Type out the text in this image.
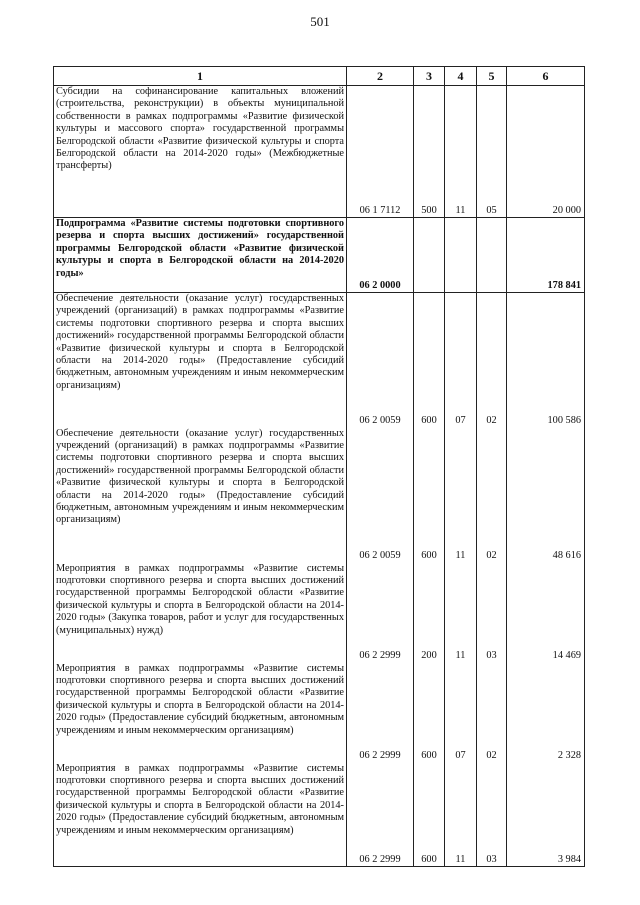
501
1	2	3	4	5	6
Субсидии на софинансирование капитальных вложений (строительства, реконструкции) в объекты муниципальной собственности в рамках подпрограммы «Развитие физической культуры и массового спорта» государственной программы Белгородской области «Развитие физической культуры и спорта Белгородской области на 2014-2020 годы» (Межбюджетные трансферты)	06 1 7112	500	11	05	20 000
Подпрограмма «Развитие системы подготовки спортивного резерва и спорта высших достижений» государственной программы Белгородской области «Развитие физической культуры и спорта в Белгородской области на 2014-2020 годы»	06 2 0000				178 841
Обеспечение деятельности (оказание услуг) государственных учреждений (организаций) в рамках подпрограммы «Развитие системы подготовки спортивного резерва и спорта высших достижений» государственной программы Белгородской области «Развитие физической культуры и спорта в Белгородской области на 2014-2020 годы» (Предоставление субсидий бюджетным, автономным учреждениям и иным некоммерческим организациям)	06 2 0059	600	07	02	100 586
Обеспечение деятельности (оказание услуг) государственных учреждений (организаций) в рамках подпрограммы «Развитие системы подготовки спортивного резерва и спорта высших достижений» государственной программы Белгородской области «Развитие физической культуры и спорта в Белгородской области на 2014-2020 годы» (Предоставление субсидий бюджетным, автономным учреждениям и иным некоммерческим организациям)	06 2 0059	600	11	02	48 616
Мероприятия в рамках подпрограммы «Развитие системы подготовки спортивного резерва и спорта высших достижений государственной программы Белгородской области «Развитие физической культуры и спорта в Белгородской области на 2014-2020 годы» (Закупка товаров, работ и услуг для государственных (муниципальных) нужд)	06 2 2999	200	11	03	14 469
Мероприятия в рамках подпрограммы «Развитие системы подготовки спортивного резерва и спорта высших достижений государственной программы Белгородской области «Развитие физической культуры и спорта в Белгородской области на 2014-2020 годы» (Предоставление субсидий бюджетным, автономным учреждениям и иным некоммерческим организациям)	06 2 2999	600	07	02	2 328
Мероприятия в рамках подпрограммы «Развитие системы подготовки спортивного резерва и спорта высших достижений государственной программы Белгородской области «Развитие физической культуры и спорта в Белгородской области на 2014-2020 годы» (Предоставление субсидий бюджетным, автономным учреждениям и иным некоммерческим организациям)	06 2 2999	600	11	03	3 984
